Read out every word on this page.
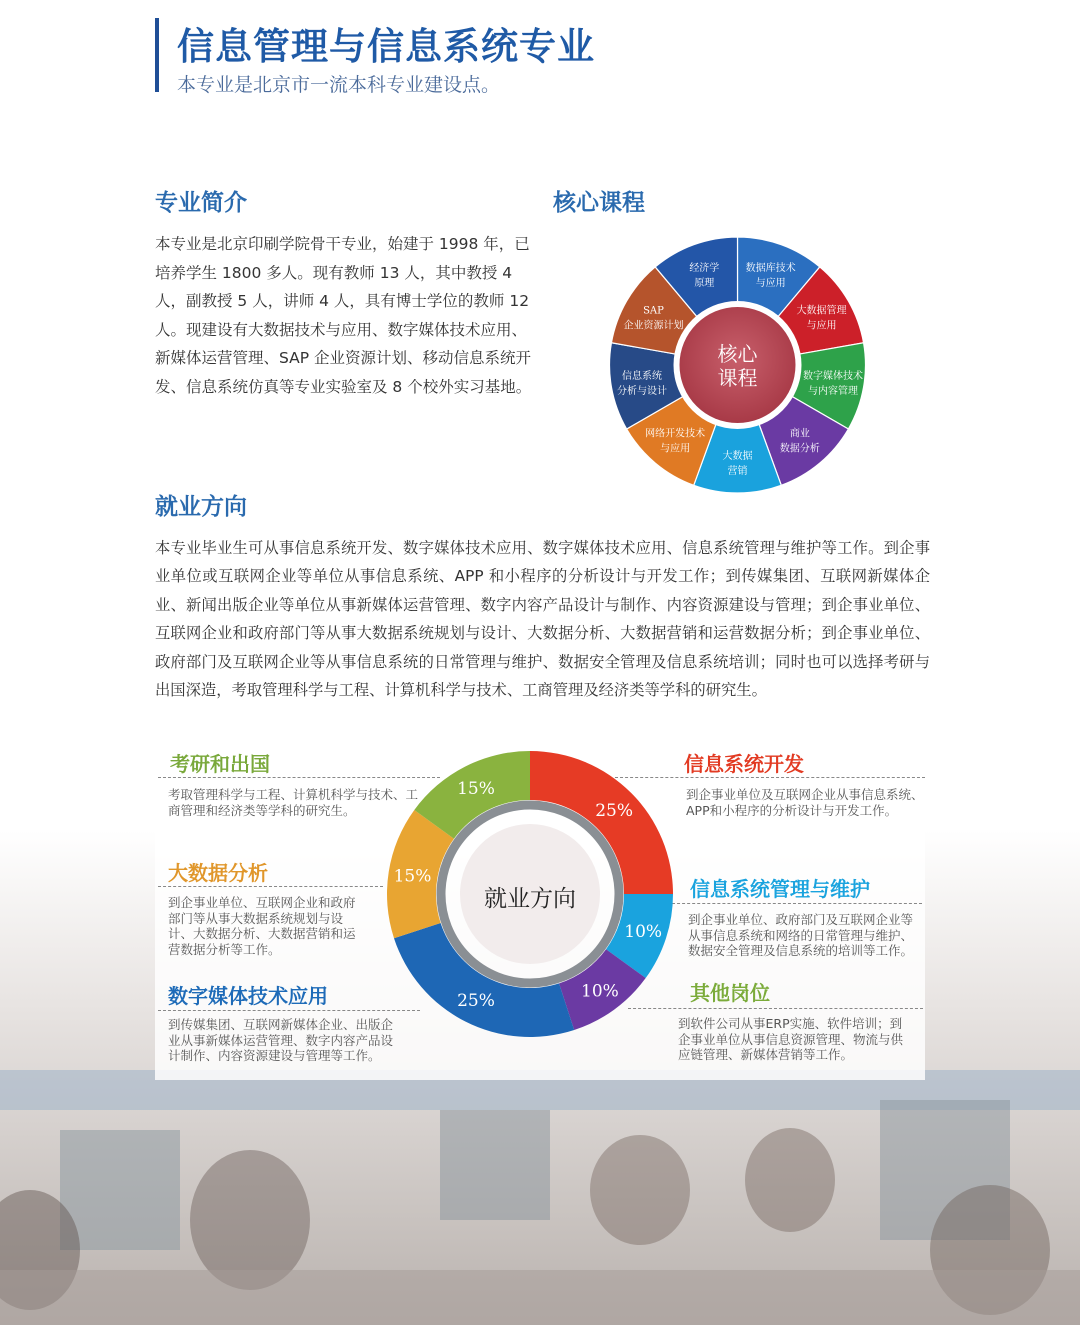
信息管理与信息系统专业
本专业是北京市一流本科专业建设点。
专业简介
本专业是北京印刷学院骨干专业，始建于 1998 年，已培养学生 1800 多人。现有教师 13 人，其中教授 4 人，副教授 5 人，讲师 4 人，具有博士学位的教师 12 人。现建设有大数据技术与应用、数字媒体技术应用、新媒体运营管理、SAP 企业资源计划、移动信息系统开发、信息系统仿真等专业实验室及 8 个校外实习基地。
核心课程
核心
课程
数据库技术
与应用
大数据管理
与应用
数字媒体技术
与内容管理
商业
数据分析
大数据
营销
网络开发技术
与应用
信息系统
分析与设计
SAP
企业资源计划
经济学
原理
就业方向
本专业毕业生可从事信息系统开发、数字媒体技术应用、数字媒体技术应用、信息系统管理与维护等工作。到企事业单位或互联网企业等单位从事信息系统、APP 和小程序的分析设计与开发工作；到传媒集团、互联网新媒体企业、新闻出版企业等单位从事新媒体运营管理、数字内容产品设计与制作、内容资源建设与管理；到企事业单位、互联网企业和政府部门等从事大数据系统规划与设计、大数据分析、大数据营销和运营数据分析；到企事业单位、政府部门及互联网企业等从事信息系统的日常管理与维护、数据安全管理及信息系统培训；同时也可以选择考研与出国深造，考取管理科学与工程、计算机科学与技术、工商管理及经济类等学科的研究生。
考研和出国
考取管理科学与工程、计算机科学与技术、工商管理和经济类等学科的研究生。
大数据分析
到企事业单位、互联网企业和政府部门等从事大数据系统规划与设计、大数据分析、大数据营销和运营数据分析等工作。
数字媒体技术应用
到传媒集团、互联网新媒体企业、出版企业从事新媒体运营管理、数字内容产品设计制作、内容资源建设与管理等工作。
信息系统开发
到企事业单位及互联网企业从事信息系统、APP和小程序的分析设计与开发工作。
信息系统管理与维护
到企事业单位、政府部门及互联网企业等从事信息系统和网络的日常管理与维护、数据安全管理及信息系统的培训等工作。
其他岗位
到软件公司从事ERP实施、软件培训；到企事业单位从事信息资源管理、物流与供应链管理、新媒体营销等工作。
25%
10%
10%
25%
15%
15%
就业方向
